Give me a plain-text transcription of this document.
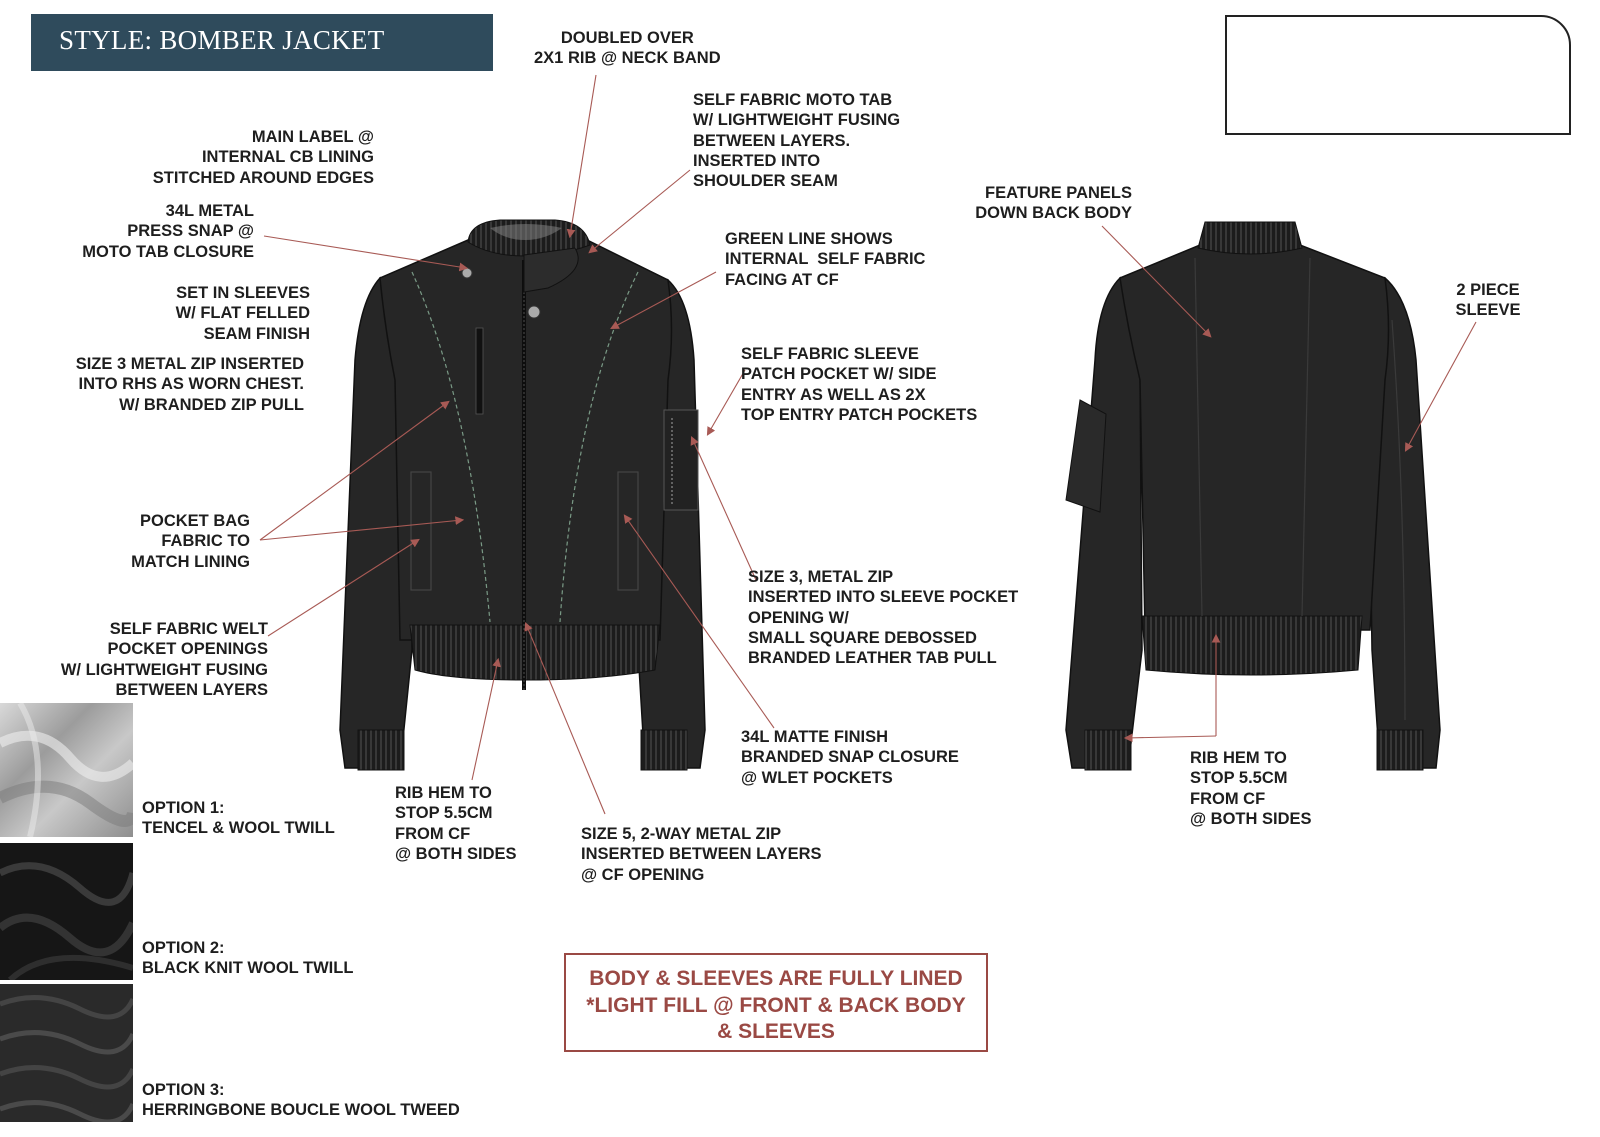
STYLE: BOMBER JACKET	DOUBLED OVER
2X1 RIB @ NECK BAND
SELF FABRIC MOTO TAB
W/ LIGHTWEIGHT FUSING
BETWEEN LAYERS.
INSERTED INTO
SHOULDER SEAM
MAIN LABEL @
INTERNAL CB LINING
STITCHED AROUND EDGES
34L METAL
PRESS SNAP @
MOTO TAB CLOSURE
GREEN LINE SHOWS
INTERNAL  SELF FABRIC
FACING AT CF
SET IN SLEEVES
W/ FLAT FELLED
SEAM FINISH
SIZE 3 METAL ZIP INSERTED
INTO RHS AS WORN CHEST.
W/ BRANDED ZIP PULL
SELF FABRIC SLEEVE
PATCH POCKET W/ SIDE
ENTRY AS WELL AS 2X
TOP ENTRY PATCH POCKETS
POCKET BAG
FABRIC TO
MATCH LINING
SIZE 3, METAL ZIP
INSERTED INTO SLEEVE POCKET
OPENING W/
SMALL SQUARE DEBOSSED
BRANDED LEATHER TAB PULL
SELF FABRIC WELT
POCKET OPENINGS
W/ LIGHTWEIGHT FUSING
BETWEEN LAYERS
34L MATTE FINISH
BRANDED SNAP CLOSURE
@ WLET POCKETS
RIB HEM TO
STOP 5.5CM
FROM CF
@ BOTH SIDES
SIZE 5, 2-WAY METAL ZIP
INSERTED BETWEEN LAYERS
@ CF OPENING
FEATURE PANELS
DOWN BACK BODY
2 PIECE
SLEEVE
RIB HEM TO
STOP 5.5CM
FROM CF
@ BOTH SIDES
OPTION 1:
TENCEL & WOOL TWILL
OPTION 2:
BLACK KNIT WOOL TWILL
OPTION 3:
HERRINGBONE BOUCLE WOOL TWEED
BODY & SLEEVES ARE FULLY LINED
*LIGHT FILL @ FRONT & BACK BODY
& SLEEVES
